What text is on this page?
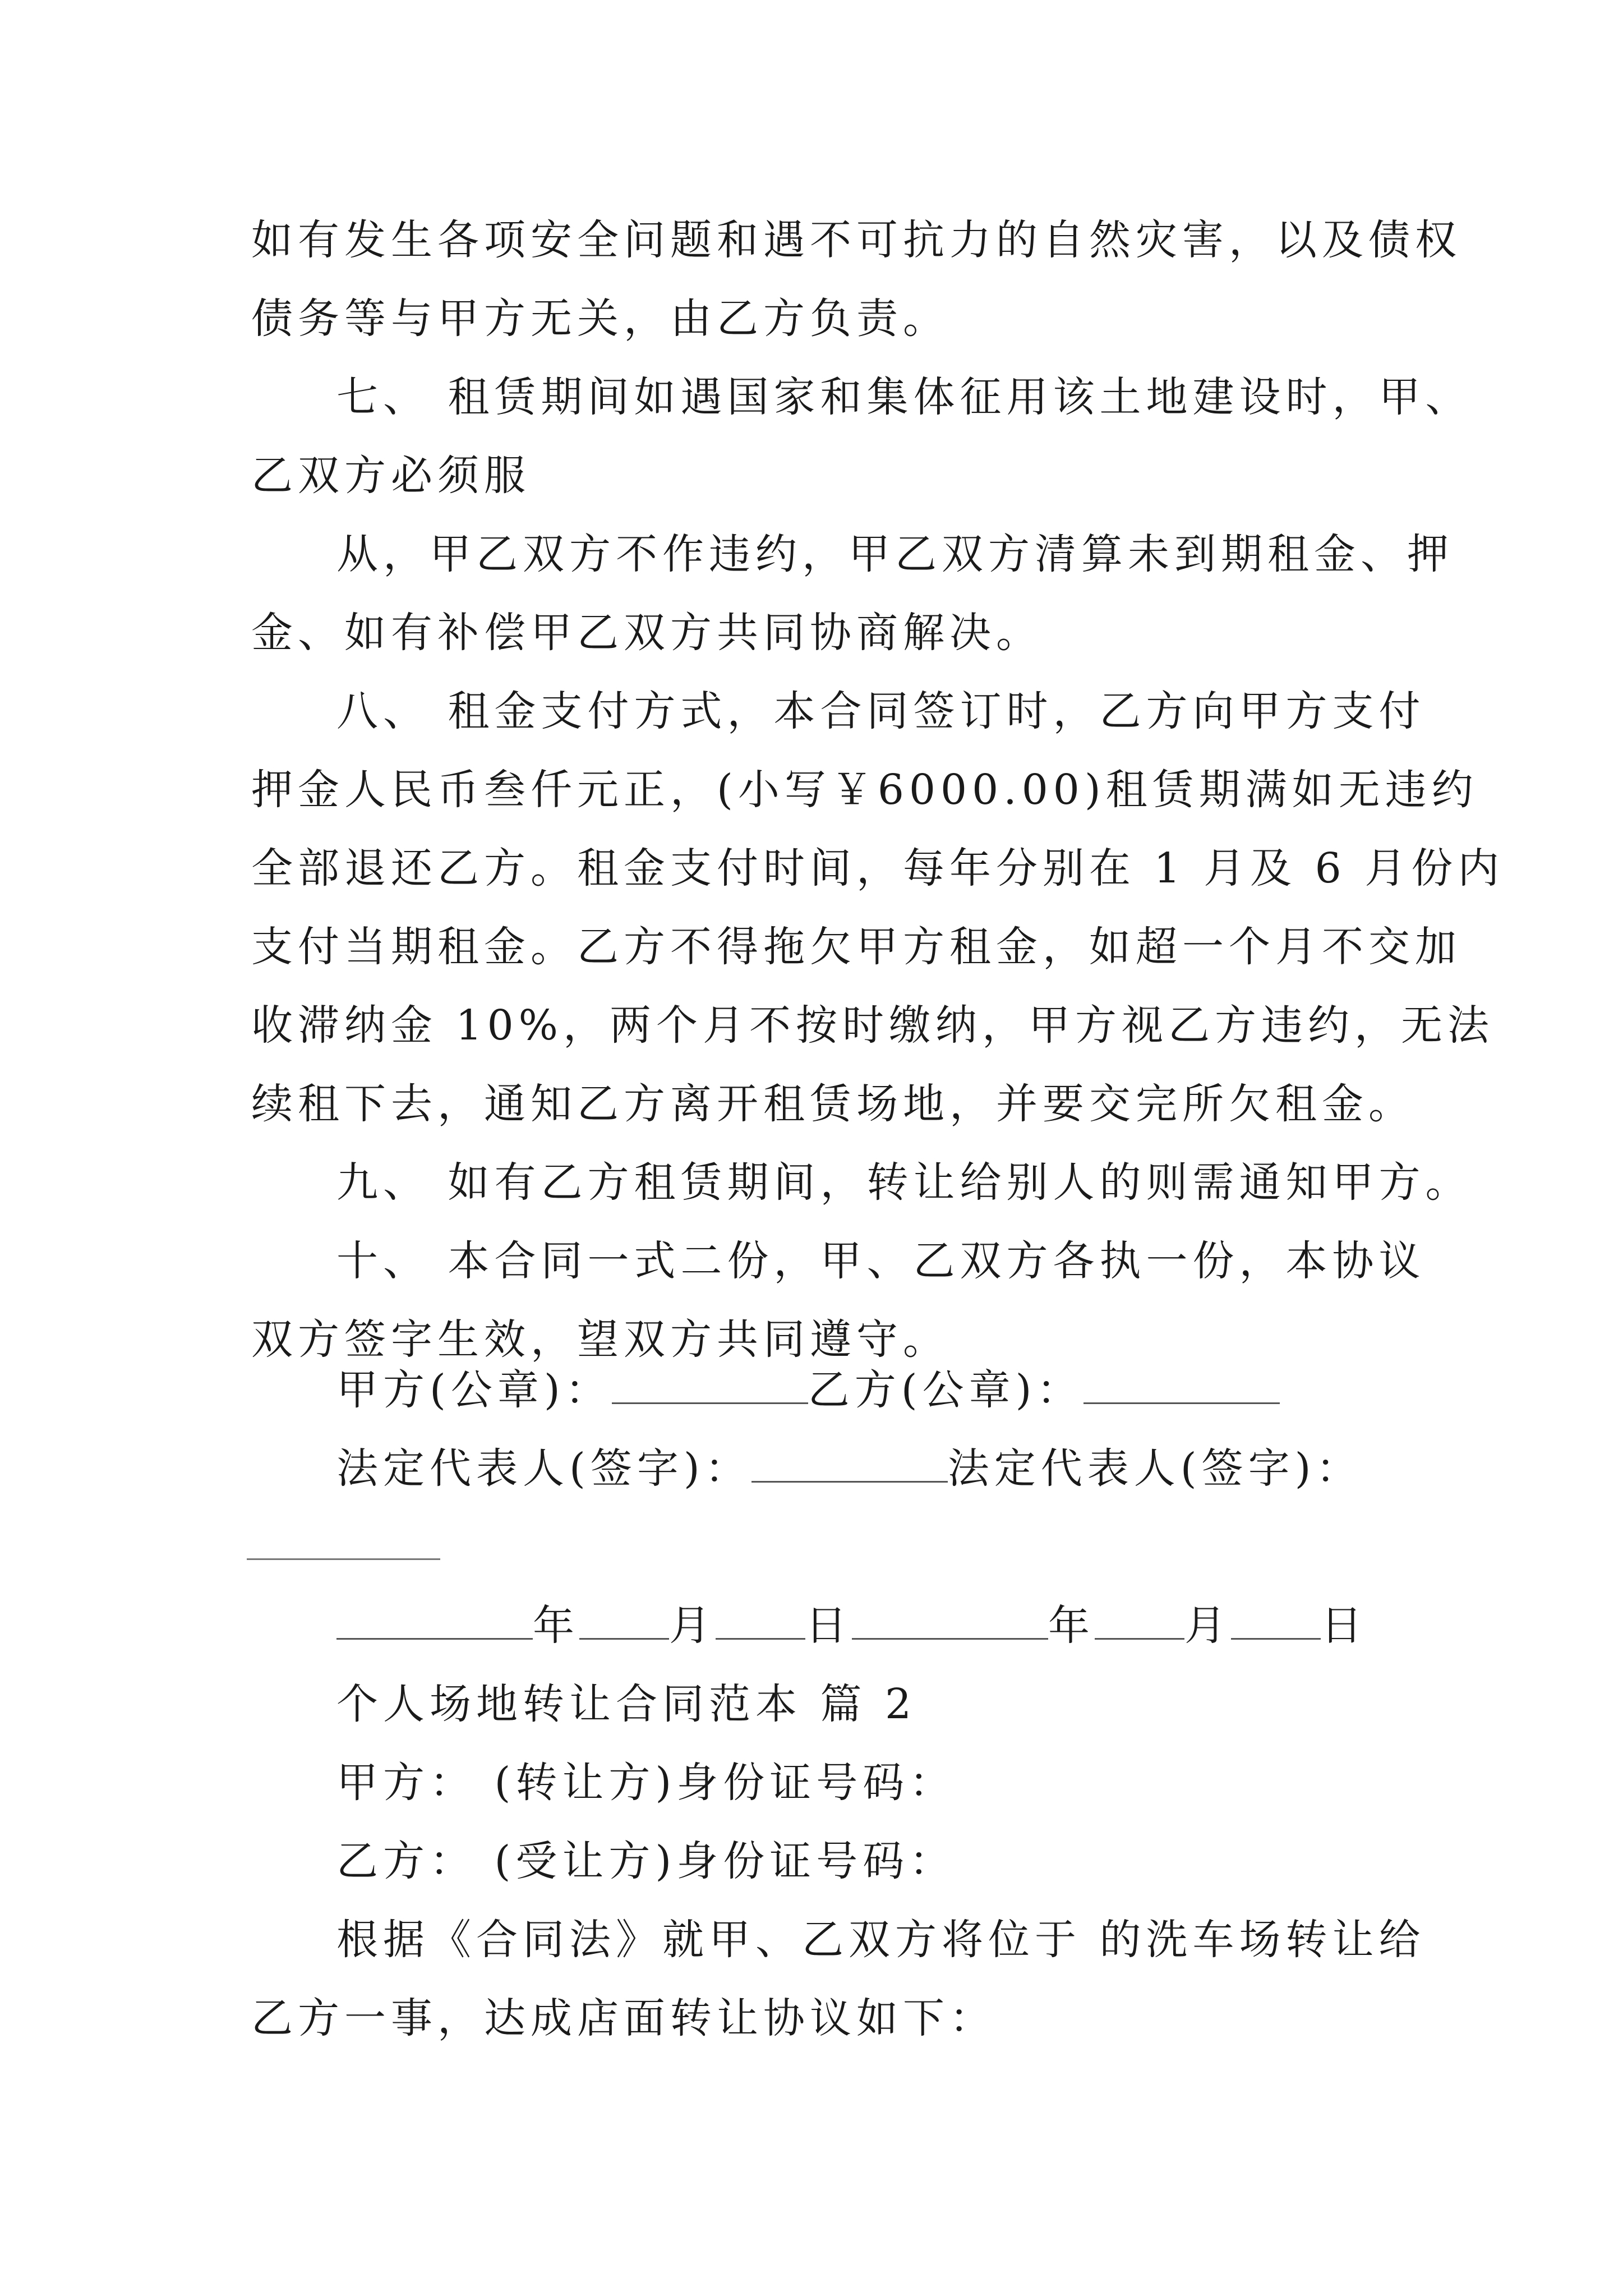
如有发生各项安全问题和遇不可抗力的自然灾害，以及债权
债务等与甲方无关，由乙方负责。
七、 租赁期间如遇国家和集体征用该土地建设时，甲、
乙双方必须服
从，甲乙双方不作违约，甲乙双方清算未到期租金、押
金、如有补偿甲乙双方共同协商解决。
八、 租金支付方式，本合同签订时，乙方向甲方支付
押金人民币叁仟元正，(小写￥6000.00)租赁期满如无违约
全部退还乙方。租金支付时间，每年分别在 1 月及 6 月份内
支付当期租金。乙方不得拖欠甲方租金，如超一个月不交加
收滞纳金 10%，两个月不按时缴纳，甲方视乙方违约，无法
续租下去，通知乙方离开租赁场地，并要交完所欠租金。
九、 如有乙方租赁期间，转让给别人的则需通知甲方。
十、 本合同一式二份，甲、乙双方各执一份，本协议
双方签字生效，望双方共同遵守。
甲方(公章)：	乙方(公章)：
法定代表人(签字)：	法定代表人(签字)：
年 月 日	年 月 日
个人场地转让合同范本 篇 2
甲方： (转让方)身份证号码：
乙方： (受让方)身份证号码：
根据《合同法》就甲、乙双方将位于 的洗车场转让给
乙方一事，达成店面转让协议如下：
